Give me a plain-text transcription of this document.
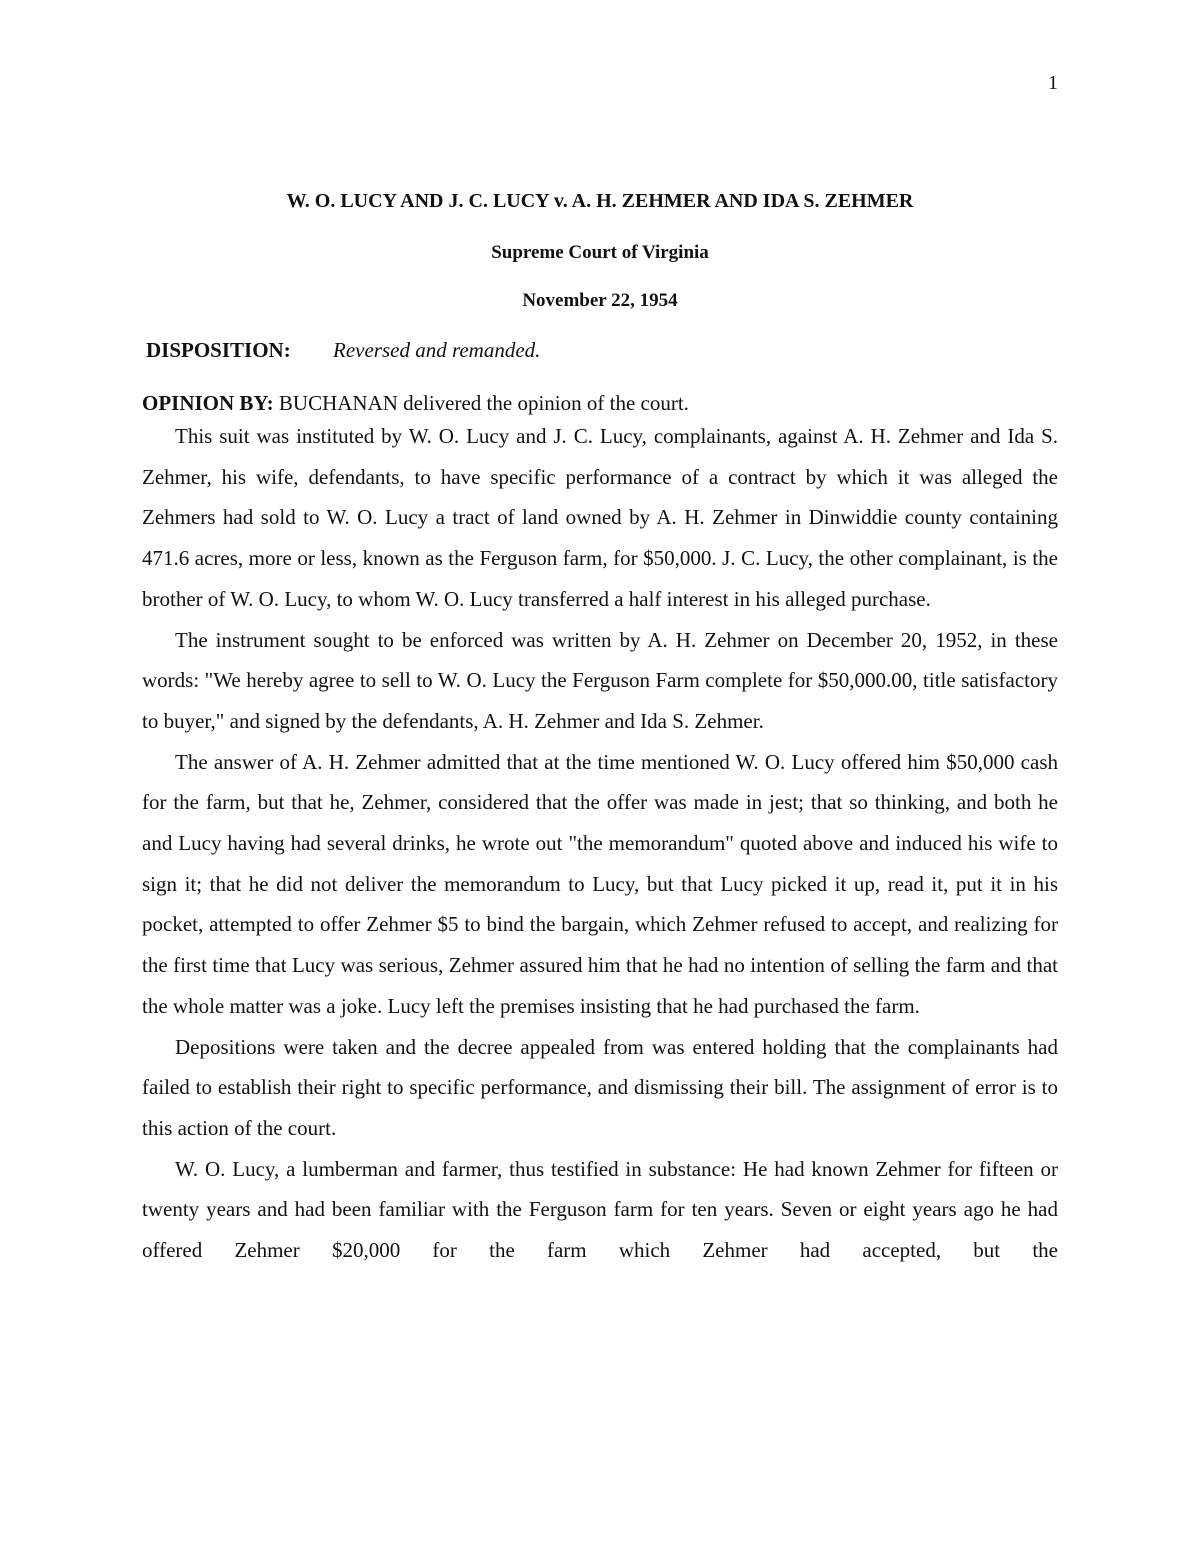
1
W. O. LUCY AND J. C. LUCY v. A. H. ZEHMER AND IDA S. ZEHMER
Supreme Court of Virginia
November 22, 1954
DISPOSITION: Reversed and remanded.
OPINION BY: BUCHANAN delivered the opinion of the court.

This suit was instituted by W. O. Lucy and J. C. Lucy, complainants, against A. H. Zehmer and Ida S. Zehmer, his wife, defendants, to have specific performance of a contract by which it was alleged the Zehmers had sold to W. O. Lucy a tract of land owned by A. H. Zehmer in Dinwiddie county containing 471.6 acres, more or less, known as the Ferguson farm, for $50,000. J. C. Lucy, the other complainant, is the brother of W. O. Lucy, to whom W. O. Lucy transferred a half interest in his alleged purchase.

The instrument sought to be enforced was written by A. H. Zehmer on December 20, 1952, in these words: "We hereby agree to sell to W. O. Lucy the Ferguson Farm complete for $50,000.00, title satisfactory to buyer," and signed by the defendants, A. H. Zehmer and Ida S. Zehmer.

The answer of A. H. Zehmer admitted that at the time mentioned W. O. Lucy offered him $50,000 cash for the farm, but that he, Zehmer, considered that the offer was made in jest; that so thinking, and both he and Lucy having had several drinks, he wrote out "the memorandum" quoted above and induced his wife to sign it; that he did not deliver the memorandum to Lucy, but that Lucy picked it up, read it, put it in his pocket, attempted to offer Zehmer $5 to bind the bargain, which Zehmer refused to accept, and realizing for the first time that Lucy was serious, Zehmer assured him that he had no intention of selling the farm and that the whole matter was a joke. Lucy left the premises insisting that he had purchased the farm.

Depositions were taken and the decree appealed from was entered holding that the complainants had failed to establish their right to specific performance, and dismissing their bill. The assignment of error is to this action of the court.

W. O. Lucy, a lumberman and farmer, thus testified in substance: He had known Zehmer for fifteen or twenty years and had been familiar with the Ferguson farm for ten years. Seven or eight years ago he had offered Zehmer $20,000 for the farm which Zehmer had accepted, but the
